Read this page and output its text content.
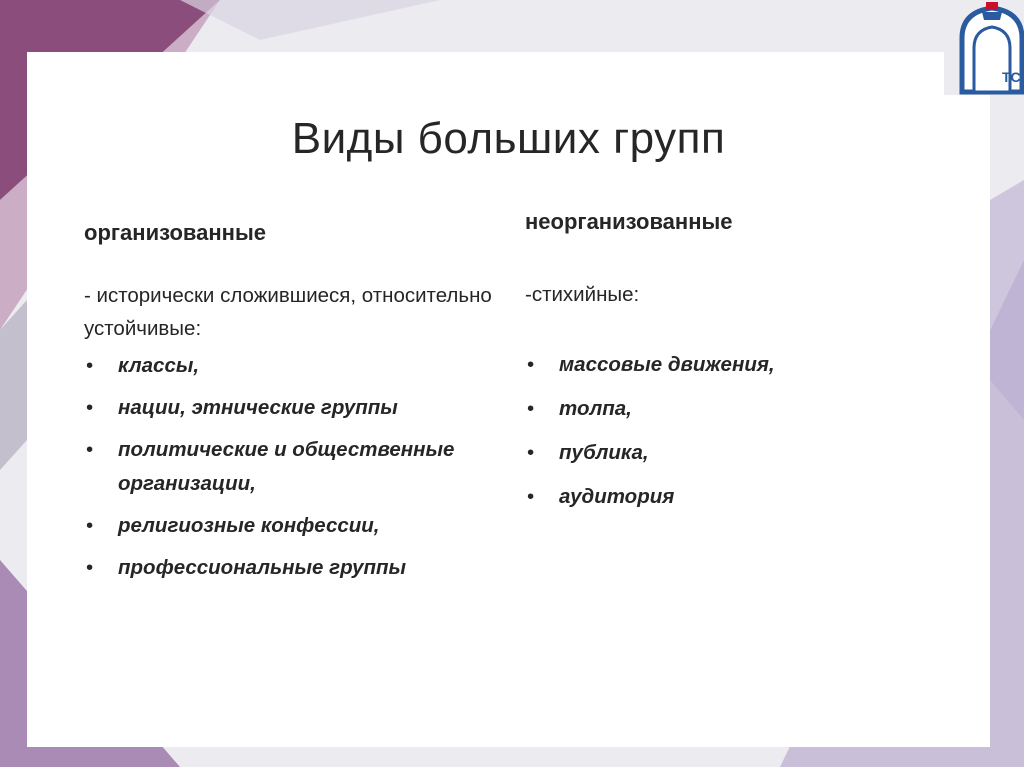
Виды больших групп
организованные
- исторически сложившиеся, относительно устойчивые:
• классы,
• нации, этнические группы
• политические и общественные организации,
• религиозные конфессии,
• профессиональные группы
неорганизованные
-стихийные:
• массовые движения,
• толпа,
• публика,
• аудитория
TC
